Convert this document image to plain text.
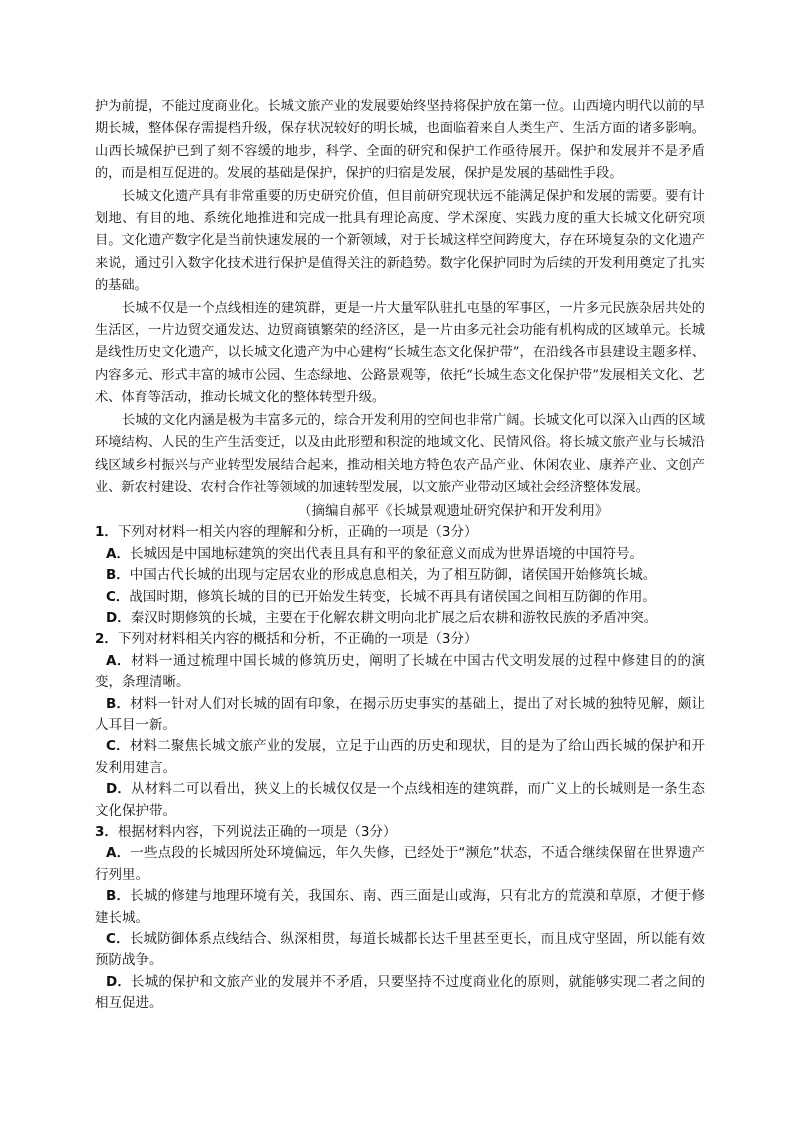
护为前提，不能过度商业化。长城文旅产业的发展要始终坚持将保护放在第一位。山西境内明代以前的早期长城，整体保存需提档升级，保存状况较好的明长城，也面临着来自人类生产、生活方面的诸多影响。山西长城保护已到了刻不容缓的地步，科学、全面的研究和保护工作亟待展开。保护和发展并不是矛盾的，而是相互促进的。发展的基础是保护，保护的归宿是发展，保护是发展的基础性手段。

长城文化遗产具有非常重要的历史研究价值，但目前研究现状远不能满足保护和发展的需要。要有计划地、有目的地、系统化地推进和完成一批具有理论高度、学术深度、实践力度的重大长城文化研究项目。文化遗产数字化是当前快速发展的一个新领域，对于长城这样空间跨度大，存在环境复杂的文化遗产来说，通过引入数字化技术进行保护是值得关注的新趋势。数字化保护同时为后续的开发利用奠定了扎实的基础。

长城不仅是一个点线相连的建筑群，更是一片大量军队驻扎屯垦的军事区，一片多元民族杂居共处的生活区，一片边贸交通发达、边贸商镇繁荣的经济区，是一片由多元社会功能有机构成的区域单元。长城是线性历史文化遗产，以长城文化遗产为中心建构“长城生态文化保护带”，在沿线各市县建设主题多样、内容多元、形式丰富的城市公园、生态绿地、公路景观等，依托“长城生态文化保护带”发展相关文化、艺术、体育等活动，推动长城文化的整体转型升级。

长城的文化内涵是极为丰富多元的，综合开发利用的空间也非常广阔。长城文化可以深入山西的区域环境结构、人民的生产生活变迁，以及由此形塑和积淀的地域文化、民情风俗。将长城文旅产业与长城沿线区域乡村振兴与产业转型发展结合起来，推动相关地方特色农产品产业、休闲农业、康养产业、文创产业、新农村建设、农村合作社等领域的加速转型发展，以文旅产业带动区域社会经济整体发展。

（摘编自郝平《长城景观遗址研究保护和开发利用》

1．下列对材料一相关内容的理解和分析，正确的一项是（3分）

A．长城因是中国地标建筑的突出代表且具有和平的象征意义而成为世界语境的中国符号。

B．中国古代长城的出现与定居农业的形成息息相关，为了相互防御，诸侯国开始修筑长城。

C．战国时期，修筑长城的目的已开始发生转变，长城不再具有诸侯国之间相互防御的作用。

D．秦汉时期修筑的长城，主要在于化解农耕文明向北扩展之后农耕和游牧民族的矛盾冲突。

2．下列对材料相关内容的概括和分析，不正确的一项是（3分）

A．材料一通过梳理中国长城的修筑历史，阐明了长城在中国古代文明发展的过程中修建目的的演变，条理清晰。

B．材料一针对人们对长城的固有印象，在揭示历史事实的基础上，提出了对长城的独特见解，颇让人耳目一新。

C．材料二聚焦长城文旅产业的发展，立足于山西的历史和现状，目的是为了给山西长城的保护和开发利用建言。

D．从材料二可以看出，狭义上的长城仅仅是一个点线相连的建筑群，而广义上的长城则是一条生态文化保护带。

3．根据材料内容，下列说法正确的一项是（3分）

A．一些点段的长城因所处环境偏远，年久失修，已经处于“濒危”状态，不适合继续保留在世界遗产行列里。

B．长城的修建与地理环境有关，我国东、南、西三面是山或海，只有北方的荒漠和草原，才便于修建长城。

C．长城防御体系点线结合、纵深相贯，每道长城都长达千里甚至更长，而且戍守坚固，所以能有效预防战争。

D．长城的保护和文旅产业的发展并不矛盾，只要坚持不过度商业化的原则，就能够实现二者之间的相互促进。
